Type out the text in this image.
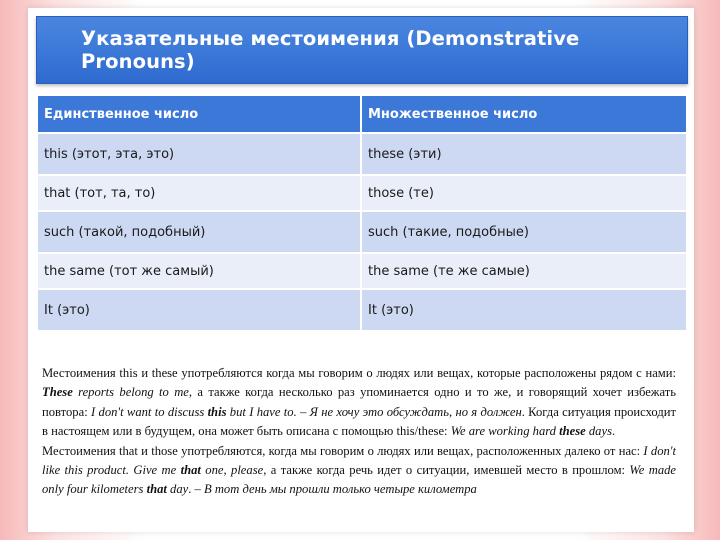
Указательные местоимения (Demonstrative Pronouns)
Единственное число	Множественное число
this (этот, эта, это)	these (эти)
that (тот, та, то)	those (те)
such (такой, подобный)	such (такие, подобные)
the same (тот же самый)	the same (те же самые)
It (это)	It (это)

Местоимения this и these употребляются когда мы говорим о людях или вещах, которые расположены рядом с нами: These reports belong to me, а также когда несколько раз упоминается одно и то же, и говорящий хочет избежать повтора: I don't want to discuss this but I have to. – Я не хочу это обсуждать, но я должен. Когда ситуация происходит в настоящем или в будущем, она может быть описана с помощью this/these: We are working hard these days.

Местоимения that и those употребляются, когда мы говорим о людях или вещах, расположенных далеко от нас: I don't like this product. Give me that one, please, а также когда речь идет о ситуации, имевшей место в прошлом: We made only four kilometers that day. – В тот день мы прошли только четыре километра
